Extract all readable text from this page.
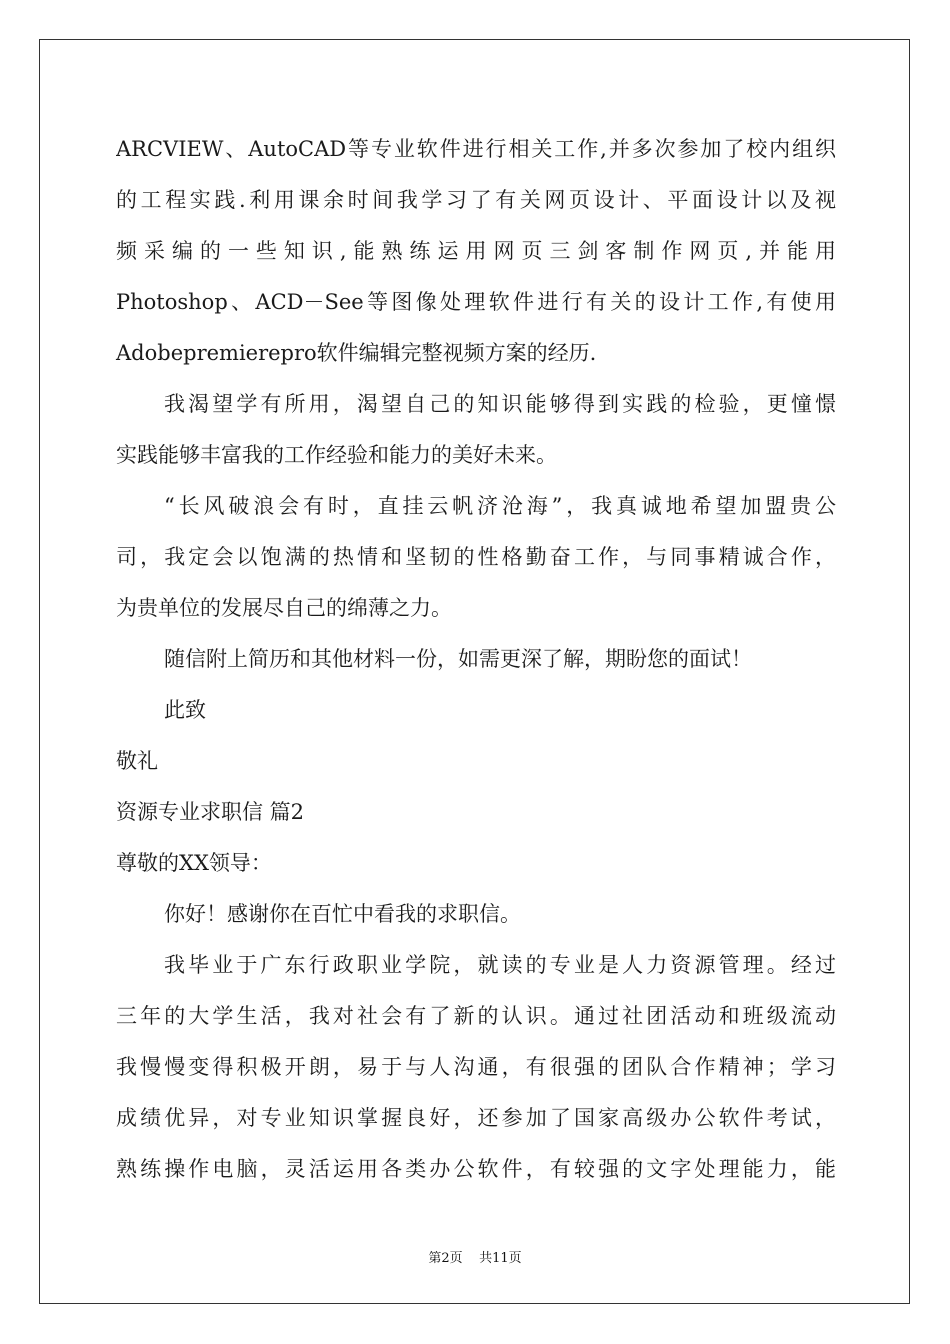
ARCVIEW、AutoCAD等专业软件进行相关工作,并多次参加了校内组织
的工程实践.利用课余时间我学习了有关网页设计、平面设计以及视
频采编的一些知识,能熟练运用网页三剑客制作网页,并能用
Photoshop、ACD－See等图像处理软件进行有关的设计工作,有使用
Adobepremierepro软件编辑完整视频方案的经历.
我渴望学有所用，渴望自己的知识能够得到实践的检验，更憧憬
实践能够丰富我的工作经验和能力的美好未来。
“长风破浪会有时，直挂云帆济沧海”，我真诚地希望加盟贵公
司，我定会以饱满的热情和坚韧的性格勤奋工作，与同事精诚合作，
为贵单位的发展尽自己的绵薄之力。
随信附上简历和其他材料一份，如需更深了解，期盼您的面试！
此致
敬礼
资源专业求职信 篇2
尊敬的XX领导：
你好！感谢你在百忙中看我的求职信。
我毕业于广东行政职业学院，就读的专业是人力资源管理。经过
三年的大学生活，我对社会有了新的认识。通过社团活动和班级流动
我慢慢变得积极开朗，易于与人沟通，有很强的团队合作精神；学习
成绩优异，对专业知识掌握良好，还参加了国家高级办公软件考试，
熟练操作电脑，灵活运用各类办公软件，有较强的文字处理能力，能
第2页 共11页
